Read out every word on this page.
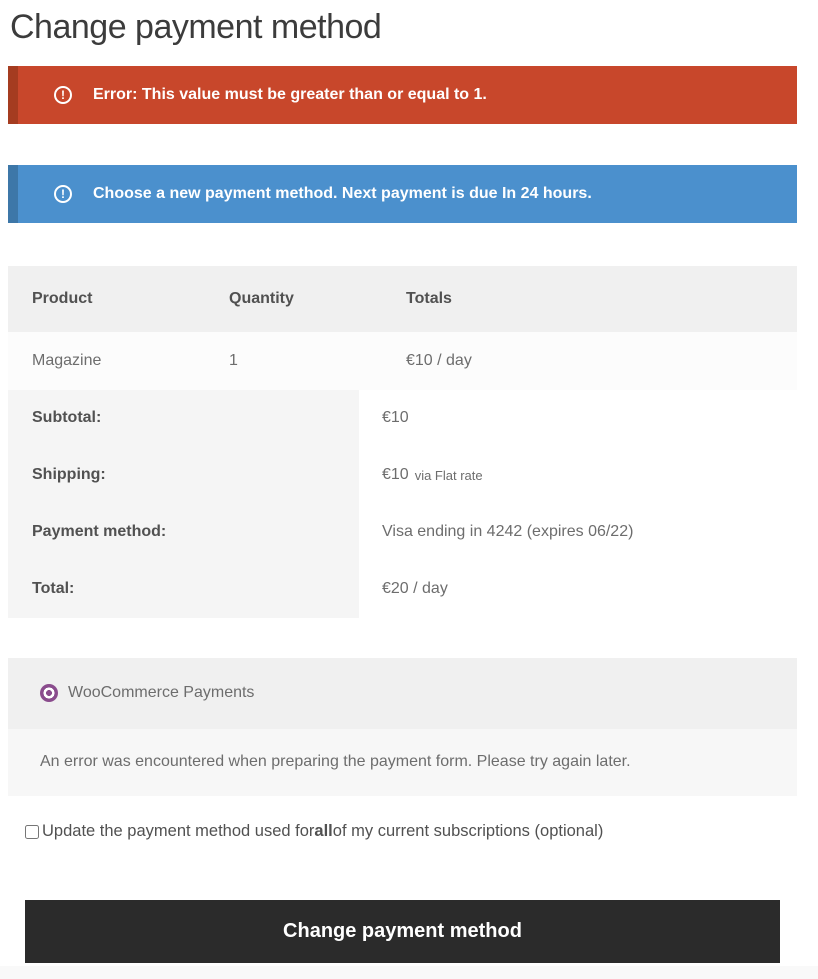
Change payment method
!	Error: This value must be greater than or equal to 1.
!	Choose a new payment method. Next payment is due In 24 hours.
Product	Quantity	Totals
Magazine	1	€10 / day
Subtotal:	€10
Shipping:	€10 via Flat rate
Payment method:	Visa ending in 4242 (expires 06/22)
Total:	€20 / day
WooCommerce Payments
An error was encountered when preparing the payment form. Please try again later.
Update the payment method used for all of my current subscriptions (optional)
Change payment method
